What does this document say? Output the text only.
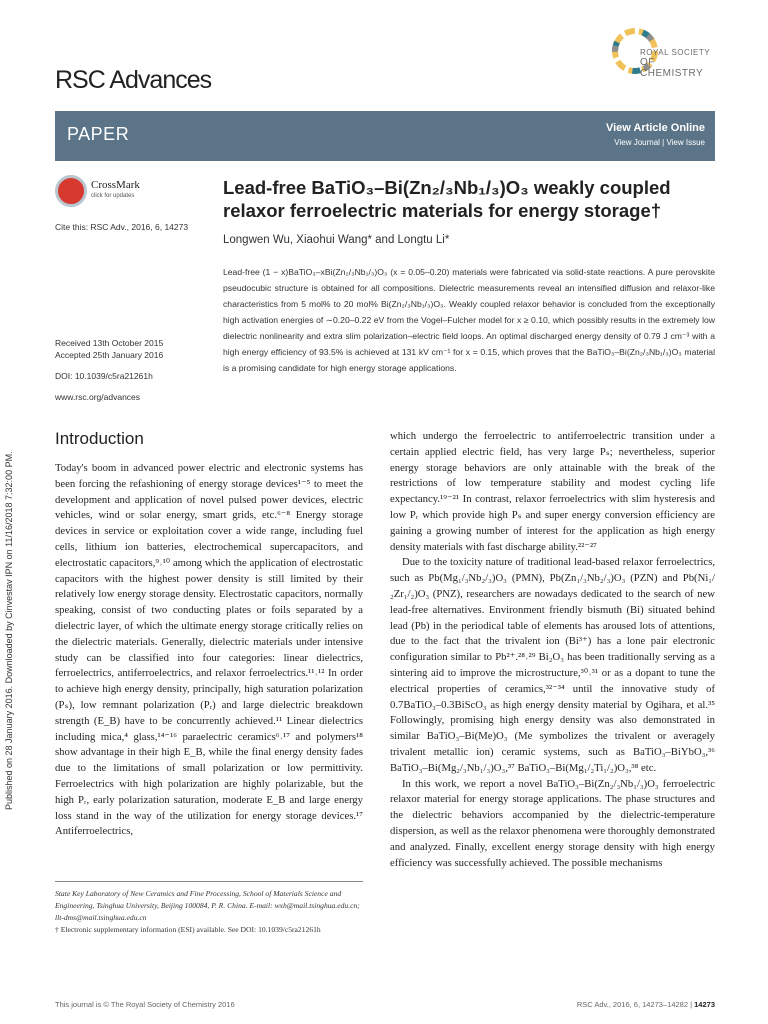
Published on 28 January 2016. Downloaded by Cinvestav IPN on 11/16/2018 7:32:00 PM.
RSC Advances
ROYAL SOCIETY
OF CHEMISTRY
PAPER	View Article Online
View Journal | View Issue
CrossMark
click for updates
Cite this: RSC Adv., 2016, 6, 14273
Received 13th October 2015
Accepted 25th January 2016
DOI: 10.1039/c5ra21261h
www.rsc.org/advances
Lead-free BaTiO₃–Bi(Zn₂/₃Nb₁/₃)O₃ weakly coupled relaxor ferroelectric materials for energy storage†
Longwen Wu, Xiaohui Wang* and Longtu Li*
Lead-free (1 − x)BaTiO₃–xBi(Zn₂/₃Nb₁/₃)O₃ (x = 0.05–0.20) materials were fabricated via solid-state reactions. A pure perovskite pseudocubic structure is obtained for all compositions. Dielectric measurements reveal an intensified diffusion and relaxor-like characteristics from 5 mol% to 20 mol% Bi(Zn₂/₃Nb₁/₃)O₃. Weakly coupled relaxor behavior is concluded from the exceptionally high activation energies of ∼0.20–0.22 eV from the Vogel–Fulcher model for x ≥ 0.10, which possibly results in the extremely low dielectric nonlinearity and extra slim polarization–electric field loops. An optimal discharged energy density of 0.79 J cm⁻³ with a high energy efficiency of 93.5% is achieved at 131 kV cm⁻¹ for x = 0.15, which proves that the BaTiO₃–Bi(Zn₂/₃Nb₁/₃)O₃ material is a promising candidate for high energy storage applications.
Introduction

Today's boom in advanced power electric and electronic systems has been forcing the refashioning of energy storage devices¹⁻⁵ to meet the development and application of novel pulsed power devices, electric vehicles, wind or solar energy, smart grids, etc.⁶⁻⁸ Energy storage devices in service or exploitation cover a wide range, including fuel cells, lithium ion batteries, electrochemical supercapacitors, and electrostatic capacitors,⁹˒¹⁰ among which the application of electrostatic capacitors with the highest power density is still limited by their relatively low energy storage density. Electrostatic capacitors, normally speaking, consist of two conducting plates or foils separated by a dielectric layer, of which the ultimate energy storage critically relies on the dielectric materials. Generally, dielectric materials under intensive study can be classified into four categories: linear dielectrics, ferroelectrics, antiferroelectrics, and relaxor ferroelectrics.¹¹˒¹² In order to achieve high energy density, principally, high saturation polarization (Pₛ), low remnant polarization (Pᵣ) and large dielectric breakdown strength (E_B) have to be concurrently achieved.¹¹ Linear dielectrics including mica,⁴ glass,¹⁴⁻¹⁶ paraelectric ceramics⁶˒¹⁷ and polymers¹⁸ show advantage in their high E_B, while the final energy density fades due to the limitations of small polarization or low permittivity. Ferroelectrics with high polarization are highly polarizable, but the high Pᵣ, early polarization saturation, moderate E_B and large energy loss stand in the way of the utilization for energy storage devices.¹⁷ Antiferroelectrics,

which undergo the ferroelectric to antiferroelectric transition under a certain applied electric field, has very large Pₛ; nevertheless, superior energy storage behaviors are only attainable with the break of the restrictions of low temperature stability and modest cycling life expectancy.¹⁹⁻²¹ In contrast, relaxor ferroelectrics with slim hysteresis and low Pᵣ which provide high Pₛ and super energy conversion efficiency are gaining a growing number of interest for the application as high energy density materials with fast discharge ability.²²⁻²⁷

Due to the toxicity nature of traditional lead-based relaxor ferroelectrics, such as Pb(Mg₁/₃Nb₂/₃)O₃ (PMN), Pb(Zn₁/₃Nb₂/₃)O₃ (PZN) and Pb(Ni₁/₂Zr₁/₂)O₃ (PNZ), researchers are nowadays dedicated to the search of new lead-free alternatives. Environment friendly bismuth (Bi) situated behind lead (Pb) in the periodical table of elements has aroused lots of attentions, due to the fact that the trivalent ion (Bi³⁺) has a lone pair electronic configuration similar to Pb²⁺.²⁸˒²⁹ Bi₂O₃ has been traditionally serving as a sintering aid to improve the microstructure,³⁰˒³¹ or as a dopant to tune the electrical properties of ceramics,³²⁻³⁴ until the innovative study of 0.7BaTiO₃–0.3BiScO₃ as high energy density material by Ogihara, et al.³⁵ Followingly, promising high energy density was also demonstrated in similar BaTiO₃–Bi(Me)O₃ (Me symbolizes the trivalent or averagely trivalent metallic ion) ceramic systems, such as BaTiO₃–BiYbO₃,³⁶ BaTiO₃–Bi(Mg₂/₃Nb₁/₃)O₃,³⁷ BaTiO₃–Bi(Mg₁/₂Ti₁/₂)O₃,³⁸ etc.

In this work, we report a novel BaTiO₃–Bi(Zn₂/₃Nb₁/₃)O₃ ferroelectric relaxor material for energy storage applications. The phase structures and the dielectric behaviors accompanied by the dielectric-temperature dispersion, as well as the relaxor phenomena were thoroughly demonstrated and analyzed. Finally, excellent energy storage density with high energy efficiency was successfully achieved. The possible mechanisms

State Key Laboratory of New Ceramics and Fine Processing, School of Materials Science and Engineering, Tsinghua University, Beijing 100084, P. R. China. E-mail: wxh@mail.tsinghua.edu.cn; llt-dms@mail.tsinghua.edu.cn
† Electronic supplementary information (ESI) available. See DOI: 10.1039/c5ra21261h
This journal is © The Royal Society of Chemistry 2016	RSC Adv., 2016, 6, 14273–14282 | 14273
